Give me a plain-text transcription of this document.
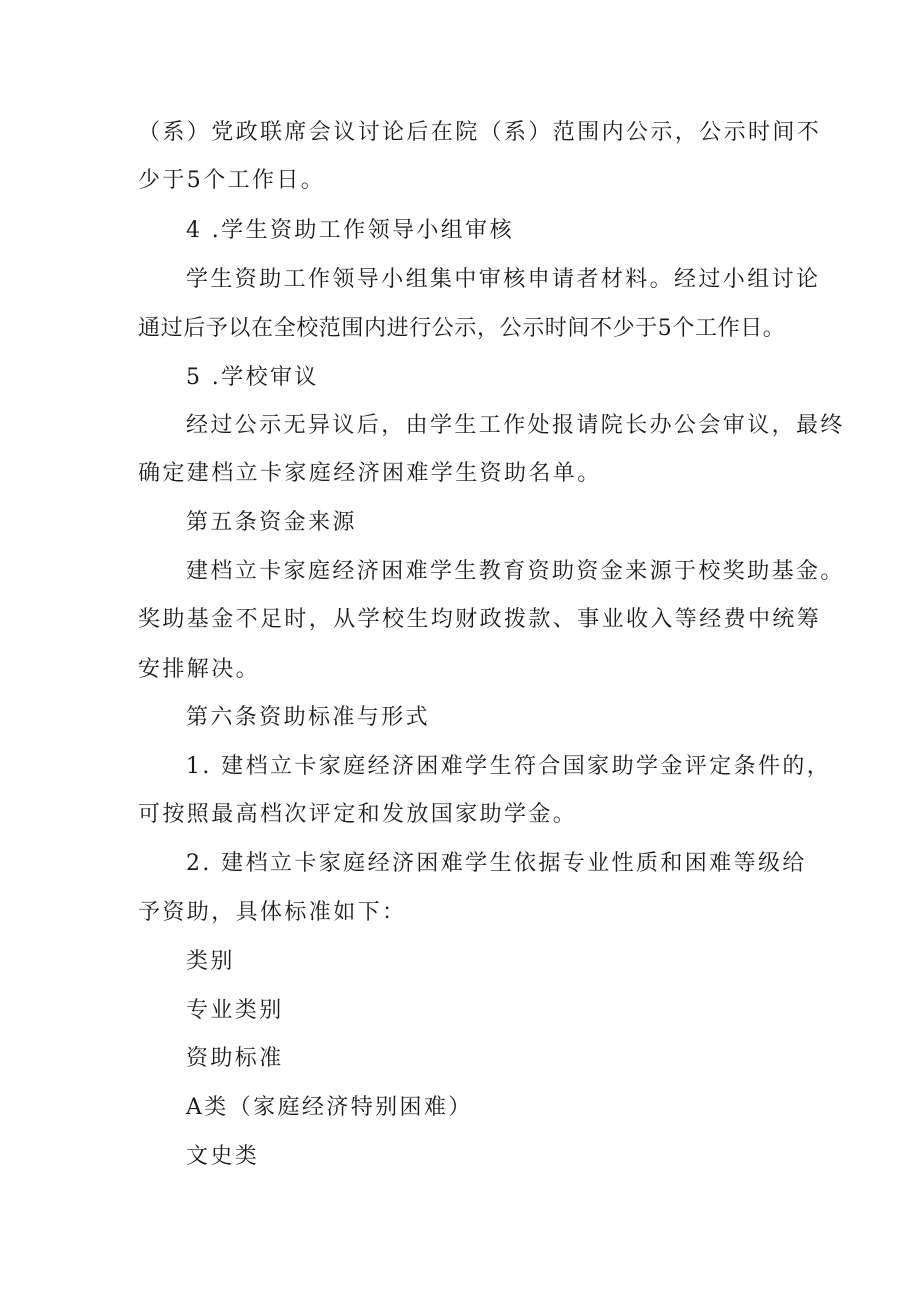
（系）党政联席会议讨论后在院（系）范围内公示，公示时间不
少于5个工作日。
4 .学生资助工作领导小组审核
学生资助工作领导小组集中审核申请者材料。经过小组讨论
通过后予以在全校范围内进行公示，公示时间不少于5个工作日。
5 .学校审议
经过公示无异议后，由学生工作处报请院长办公会审议，最终
确定建档立卡家庭经济困难学生资助名单。
第五条资金来源
建档立卡家庭经济困难学生教育资助资金来源于校奖助基金。
奖助基金不足时，从学校生均财政拨款、事业收入等经费中统筹
安排解决。
第六条资助标准与形式
1. 建档立卡家庭经济困难学生符合国家助学金评定条件的，
可按照最高档次评定和发放国家助学金。
2. 建档立卡家庭经济困难学生依据专业性质和困难等级给
予资助，具体标准如下：
类别
专业类别
资助标准
A类（家庭经济特别困难）
文史类
